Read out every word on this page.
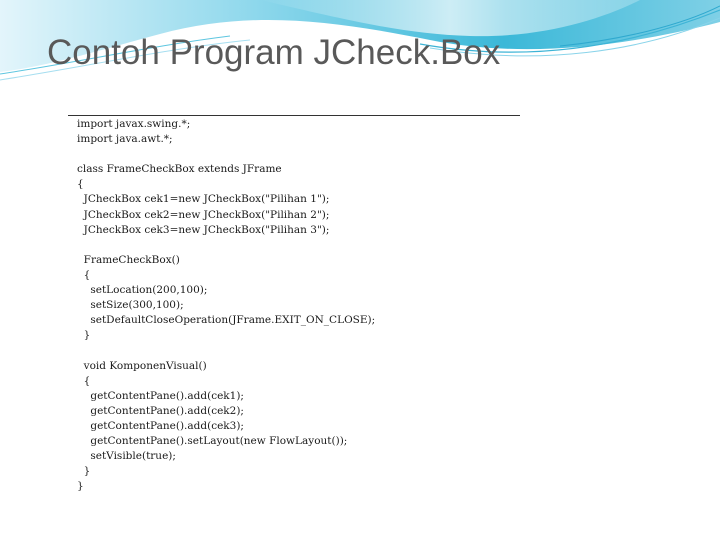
Contoh Program JCheck.Box
import javax.swing.*;
import java.awt.*;
class FrameCheckBox extends JFrame
{
JCheckBox cek1=new JCheckBox("Pilihan 1");
JCheckBox cek2=new JCheckBox("Pilihan 2");
JCheckBox cek3=new JCheckBox("Pilihan 3");
FrameCheckBox()
{
setLocation(200,100);
setSize(300,100);
setDefaultCloseOperation(JFrame.EXIT_ON_CLOSE);
}
void KomponenVisual()
{
getContentPane().add(cek1);
getContentPane().add(cek2);
getContentPane().add(cek3);
getContentPane().setLayout(new FlowLayout());
setVisible(true);
}
}
